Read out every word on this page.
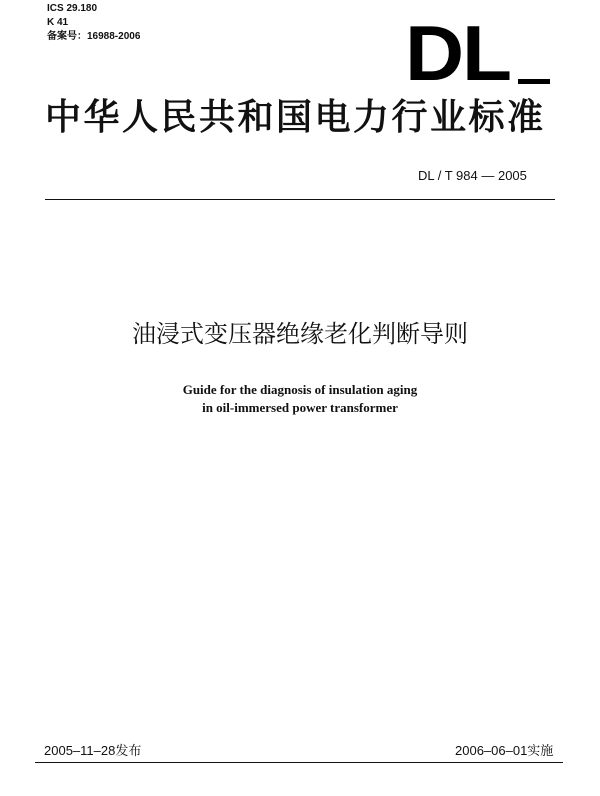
ICS 29.180
K 41
备案号：16988-2006	DL
中华人民共和国电力行业标准
DL / T 984 — 2005
油浸式变压器绝缘老化判断导则
Guide for the diagnosis of insulation aging
in oil-immersed power transformer
2005–11–28发布	2006–06–01实施
